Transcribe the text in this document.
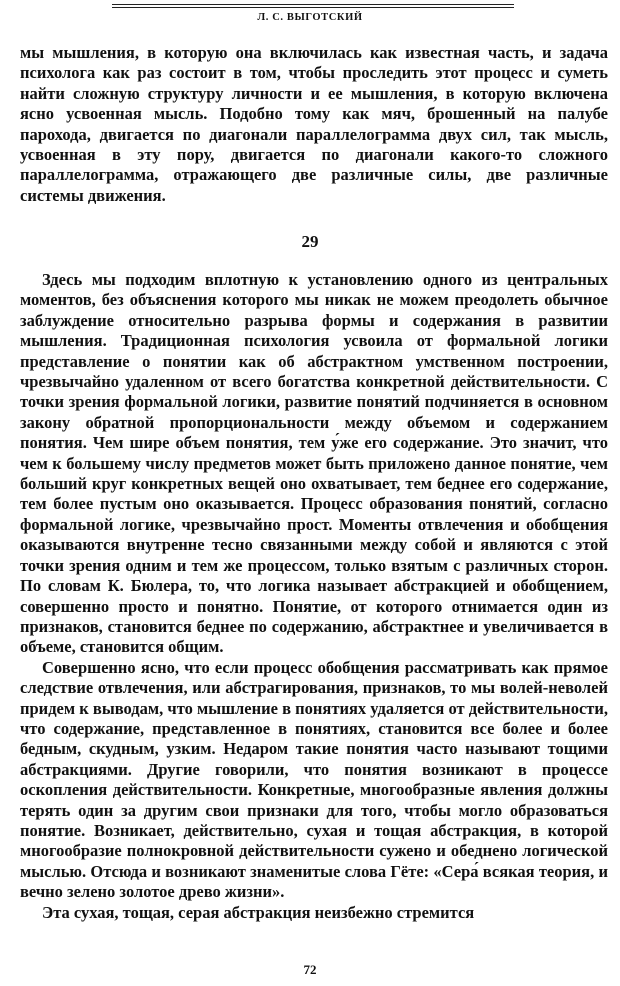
Л. С. ВЫГОТСКИЙ

мы мышления, в которую она включилась как известная часть, и задача психолога как раз состоит в том, чтобы проследить этот процесс и суметь найти сложную структуру личности и ее мышления, в которую включена ясно усвоенная мысль. Подобно тому как мяч, брошенный на палубе парохода, двигается по диагонали параллелограмма двух сил, так мысль, усвоенная в эту пору, двигается по диагонали какого-то сложного параллелограмма, отражающего две различные силы, две различные системы движения.

29

Здесь мы подходим вплотную к установлению одного из центральных моментов, без объяснения которого мы никак не можем преодолеть обычное заблуждение относительно разрыва формы и содержания в развитии мышления. Традиционная психология усвоила от формальной логики представление о понятии как об абстрактном умственном построении, чрезвычайно удаленном от всего богатства конкретной действительности. С точки зрения формальной логики, развитие понятий подчиняется в основном закону обратной пропорциональности между объемом и содержанием понятия. Чем шире объем понятия, тем у́же его содержание. Это значит, что чем к большему числу предметов может быть приложено данное понятие, чем больший круг конкретных вещей оно охватывает, тем беднее его содержание, тем более пустым оно оказывается. Процесс образования понятий, согласно формальной логике, чрезвычайно прост. Моменты отвлечения и обобщения оказываются внутренне тесно связанными между собой и являются с этой точки зрения одним и тем же процессом, только взятым с различных сторон. По словам К. Бюлера, то, что логика называет абстракцией и обобщением, совершенно просто и понятно. Понятие, от которого отнимается один из признаков, становится беднее по содержанию, абстрактнее и увеличивается в объеме, становится общим.

Совершенно ясно, что если процесс обобщения рассматривать как прямое следствие отвлечения, или абстрагирования, признаков, то мы волей-неволей придем к выводам, что мышление в понятиях удаляется от действительности, что содержание, представленное в понятиях, становится все более и более бедным, скудным, узким. Недаром такие понятия часто называют тощими абстракциями. Другие говорили, что понятия возникают в процессе оскопления действительности. Конкретные, многообразные явления должны терять один за другим свои признаки для того, чтобы могло образоваться понятие. Возникает, действительно, сухая и тощая абстракция, в которой многообразие полнокровной действительности сужено и обеднено логической мыслью. Отсюда и возникают знаменитые слова Гёте: «Сера́ всякая теория, и вечно зелено золотое древо жизни».

Эта сухая, тощая, серая абстракция неизбежно стремится

72
